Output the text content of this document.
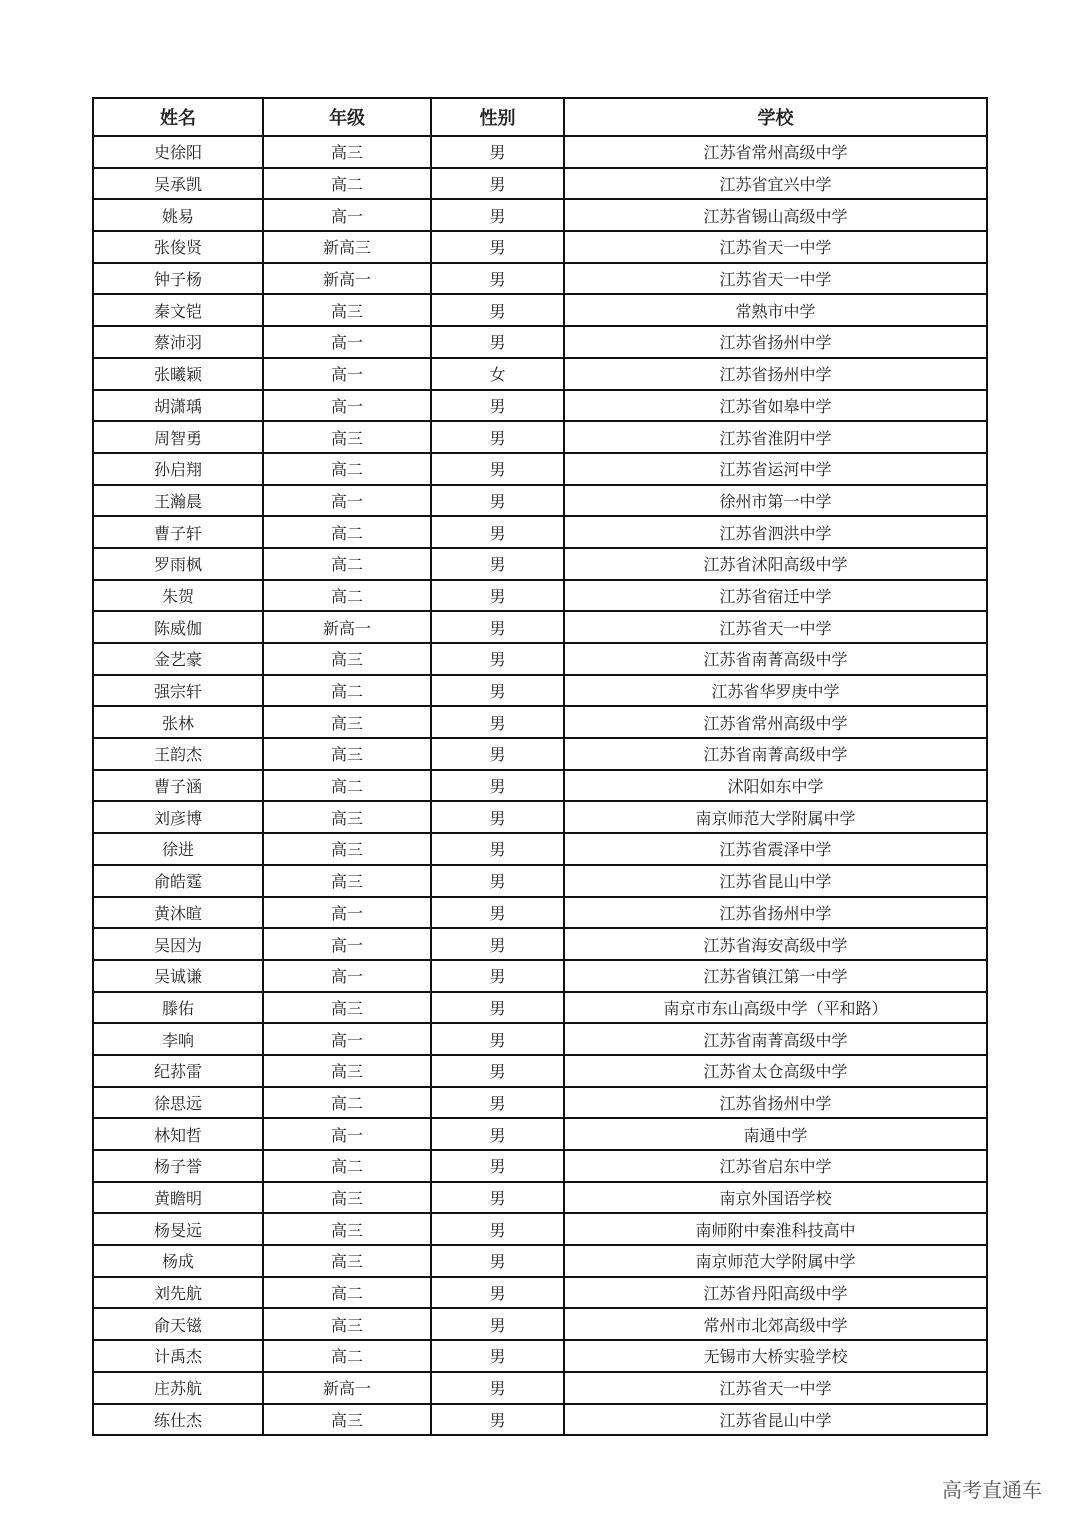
姓名	年级	性别	学校
史徐阳	高三	男	江苏省常州高级中学
吴承凯	高二	男	江苏省宜兴中学
姚易	高一	男	江苏省锡山高级中学
张俊贤	新高三	男	江苏省天一中学
钟子杨	新高一	男	江苏省天一中学
秦文铠	高三	男	常熟市中学
蔡沛羽	高一	男	江苏省扬州中学
张曦颖	高一	女	江苏省扬州中学
胡潇瑀	高一	男	江苏省如皋中学
周智勇	高三	男	江苏省淮阴中学
孙启翔	高二	男	江苏省运河中学
王瀚晨	高一	男	徐州市第一中学
曹子轩	高二	男	江苏省泗洪中学
罗雨枫	高二	男	江苏省沭阳高级中学
朱贺	高二	男	江苏省宿迁中学
陈威伽	新高一	男	江苏省天一中学
金艺豪	高三	男	江苏省南菁高级中学
强宗轩	高二	男	江苏省华罗庚中学
张林	高三	男	江苏省常州高级中学
王韵杰	高三	男	江苏省南菁高级中学
曹子涵	高二	男	沭阳如东中学
刘彦博	高三	男	南京师范大学附属中学
徐进	高三	男	江苏省震泽中学
俞皓霆	高三	男	江苏省昆山中学
黄沐暄	高一	男	江苏省扬州中学
吴因为	高一	男	江苏省海安高级中学
吴诚谦	高一	男	江苏省镇江第一中学
滕佑	高三	男	南京市东山高级中学（平和路）
李响	高一	男	江苏省南菁高级中学
纪荪雷	高三	男	江苏省太仓高级中学
徐思远	高二	男	江苏省扬州中学
林知哲	高一	男	南通中学
杨子誉	高二	男	江苏省启东中学
黄瞻明	高三	男	南京外国语学校
杨旻远	高三	男	南师附中秦淮科技高中
杨成	高三	男	南京师范大学附属中学
刘先航	高二	男	江苏省丹阳高级中学
俞天镃	高三	男	常州市北郊高级中学
计禹杰	高二	男	无锡市大桥实验学校
庄苏航	新高一	男	江苏省天一中学
练仕杰	高三	男	江苏省昆山中学
高考直通车
